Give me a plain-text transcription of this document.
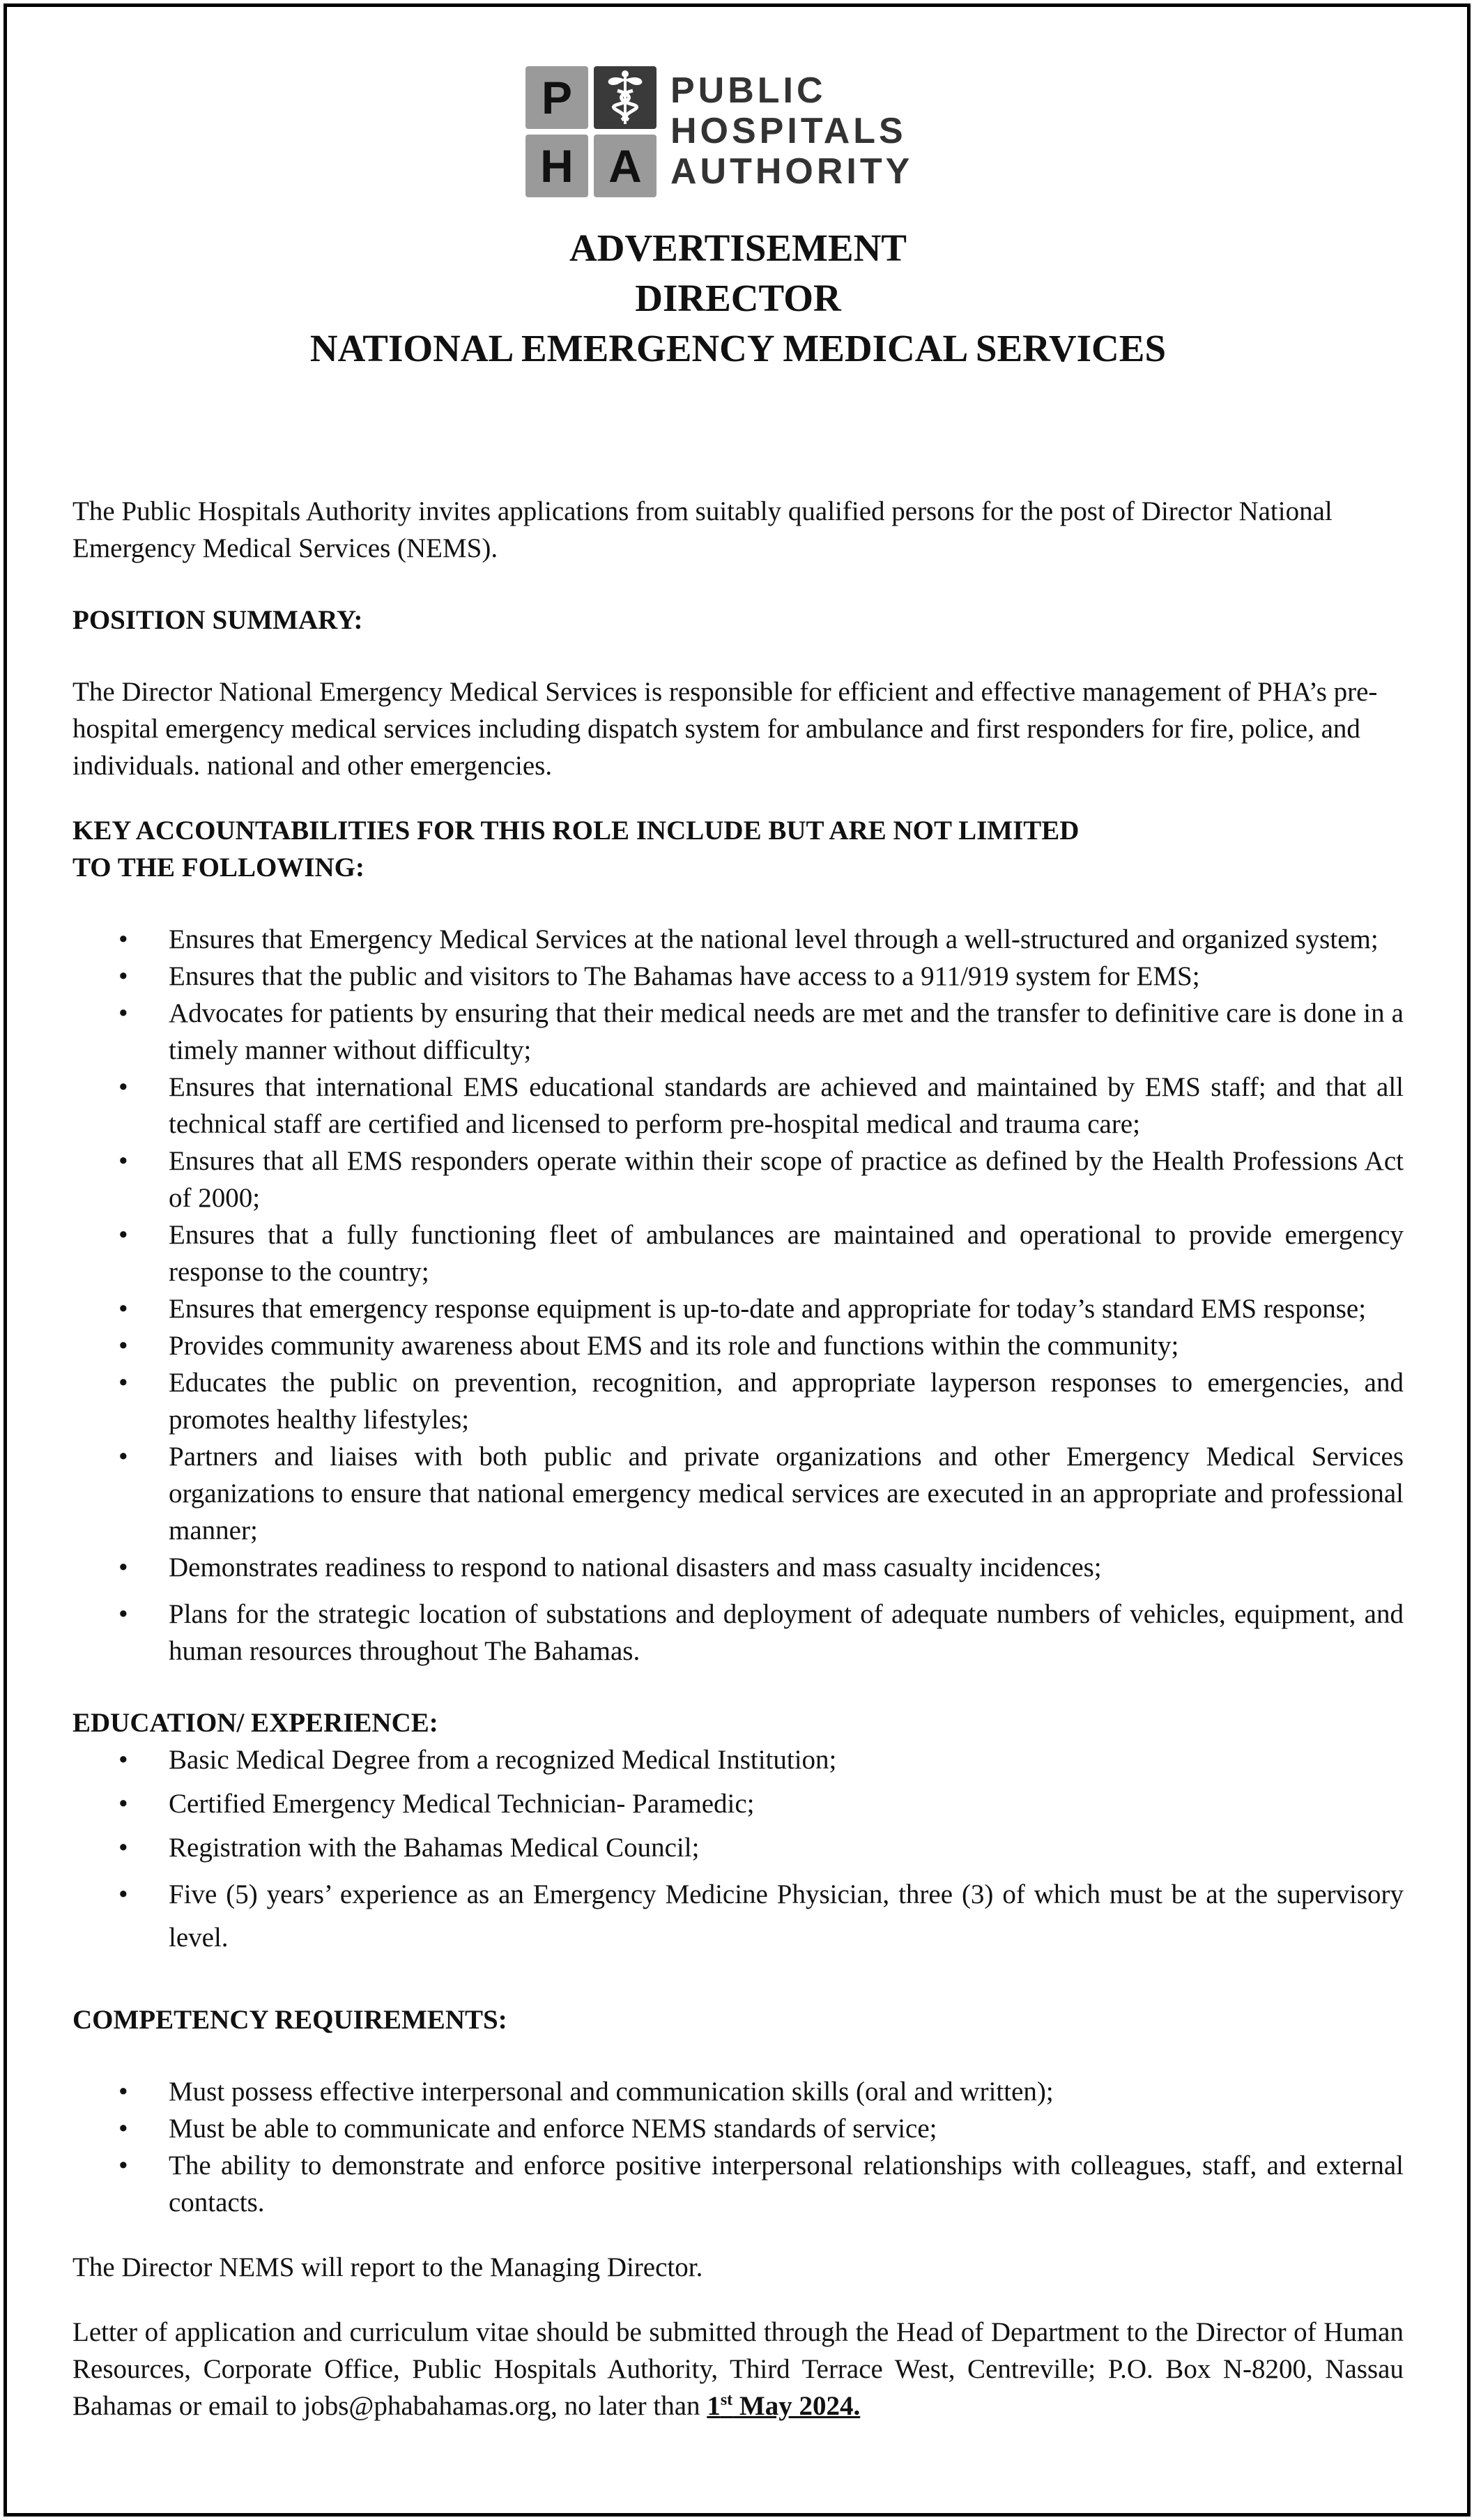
P
H A
PUBLIC
HOSPITALS
AUTHORITY
ADVERTISEMENT
DIRECTOR
NATIONAL EMERGENCY MEDICAL SERVICES

The Public Hospitals Authority invites applications from suitably qualified persons for the post of Director National Emergency Medical Services (NEMS).

POSITION SUMMARY:

The Director National Emergency Medical Services is responsible for efficient and effective management of PHA’s pre-hospital emergency medical services including dispatch system for ambulance and first responders for fire, police, and individuals. national and other emergencies.

KEY ACCOUNTABILITIES FOR THIS ROLE INCLUDE BUT ARE NOT LIMITED

TO THE FOLLOWING:

• Ensures that Emergency Medical Services at the national level through a well-structured and organized system;
• Ensures that the public and visitors to The Bahamas have access to a 911/919 system for EMS;
• Advocates for patients by ensuring that their medical needs are met and the transfer to definitive care is done in a timely manner without difficulty;
• Ensures that international EMS educational standards are achieved and maintained by EMS staff; and that all technical staff are certified and licensed to perform pre-hospital medical and trauma care;
• Ensures that all EMS responders operate within their scope of practice as defined by the Health Professions Act of 2000;
• Ensures that a fully functioning fleet of ambulances are maintained and operational to provide emergency response to the country;
• Ensures that emergency response equipment is up-to-date and appropriate for today’s standard EMS response;
• Provides community awareness about EMS and its role and functions within the community;
• Educates the public on prevention, recognition, and appropriate layperson responses to emergencies, and promotes healthy lifestyles;
• Partners and liaises with both public and private organizations and other Emergency Medical Services organizations to ensure that national emergency medical services are executed in an appropriate and professional manner;
• Demonstrates readiness to respond to national disasters and mass casualty incidences;
• Plans for the strategic location of substations and deployment of adequate numbers of vehicles, equipment, and human resources throughout The Bahamas.

EDUCATION/ EXPERIENCE:

• Basic Medical Degree from a recognized Medical Institution;
• Certified Emergency Medical Technician- Paramedic;
• Registration with the Bahamas Medical Council;
• Five (5) years’ experience as an Emergency Medicine Physician, three (3) of which must be at the supervisory level.

COMPETENCY REQUIREMENTS:

• Must possess effective interpersonal and communication skills (oral and written);
• Must be able to communicate and enforce NEMS standards of service;
• The ability to demonstrate and enforce positive interpersonal relationships with colleagues, staff, and external contacts.

The Director NEMS will report to the Managing Director.

Letter of application and curriculum vitae should be submitted through the Head of Department to the Director of Human Resources, Corporate Office, Public Hospitals Authority, Third Terrace West, Centreville; P.O. Box N-8200, Nassau Bahamas or email to jobs@phabahamas.org, no later than 1st May 2024.
